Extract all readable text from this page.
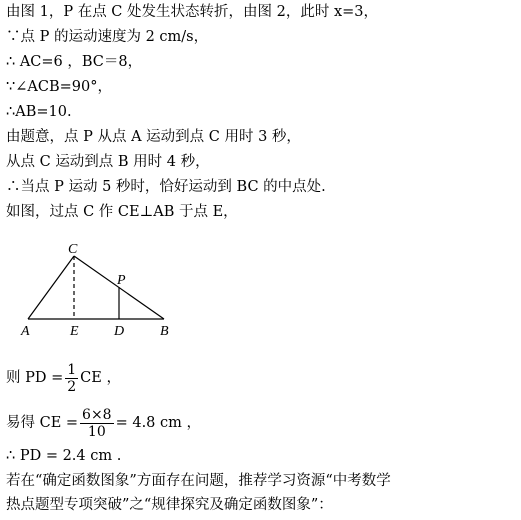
由图 1，P 在点 C 处发生状态转折，由图 2，此时 x=3，
∵点 P 的运动速度为 2 cm/s，
∴ AC=6 ，BC＝8，
∵∠ACB=90°，
∴AB=10.
由题意，点 P 从点 A 运动到点 C 用时 3 秒，
从点 C 运动到点 B 用时 4 秒，
∴当点 P 运动 5 秒时，恰好运动到 BC 的中点处.
如图，过点 C 作 CE⊥AB 于点 E，
C
P
A	E	D	B
则 PD = $\frac{1}{2}$ CE ，
易得 CE = $\frac{6\times 8}{10} = 4.8$ cm ，
∴ PD = 2.4 cm .
若在“确定函数图象”方面存在问题，推荐学习资源“中考数学
热点题型专项突破”之“规律探究及确定函数图象”：
